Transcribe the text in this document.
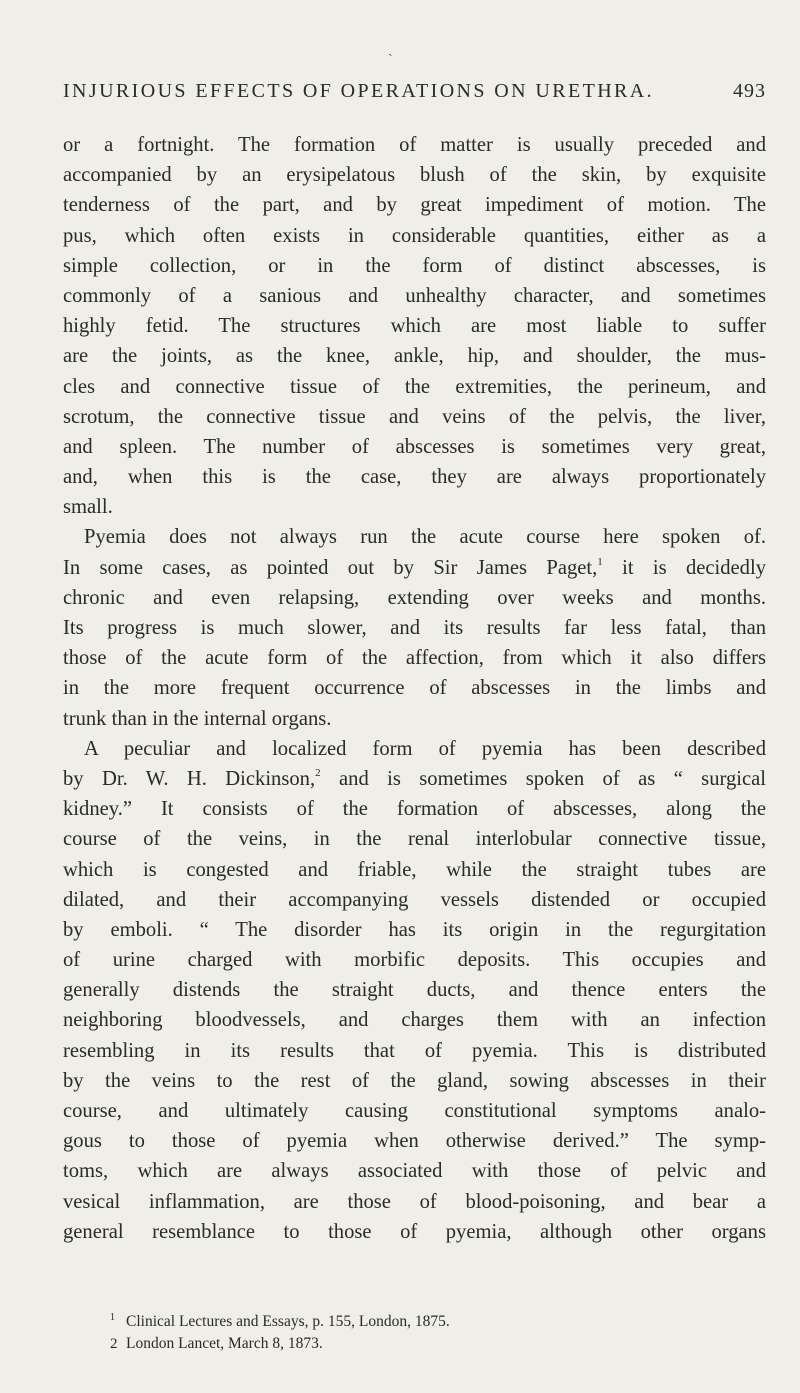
ˎ
INJURIOUS EFFECTS OF OPERATIONS ON URETHRA.	493
or a fortnight. The formation of matter is usually preceded and
accompanied by an erysipelatous blush of the skin, by exquisite
tenderness of the part, and by great impediment of motion. The
pus, which often exists in considerable quantities, either as a
simple collection, or in the form of distinct abscesses, is
commonly of a sanious and unhealthy character, and sometimes
highly fetid. The structures which are most liable to suffer
are the joints, as the knee, ankle, hip, and shoulder, the mus-
cles and connective tissue of the extremities, the perineum, and
scrotum, the connective tissue and veins of the pelvis, the liver,
and spleen. The number of abscesses is sometimes very great,
and, when this is the case, they are always proportionately
small.
Pyemia does not always run the acute course here spoken of.
In some cases, as pointed out by Sir James Paget,$^1$ it is decidedly
chronic and even relapsing, extending over weeks and months.
Its progress is much slower, and its results far less fatal, than
those of the acute form of the affection, from which it also differs
in the more frequent occurrence of abscesses in the limbs and
trunk than in the internal organs.
A peculiar and localized form of pyemia has been described
by Dr. W. H. Dickinson,$^2$ and is sometimes spoken of as “ surgical
kidney.” It consists of the formation of abscesses, along the
course of the veins, in the renal interlobular connective tissue,
which is congested and friable, while the straight tubes are
dilated, and their accompanying vessels distended or occupied
by emboli. “ The disorder has its origin in the regurgitation
of urine charged with morbific deposits. This occupies and
generally distends the straight ducts, and thence enters the
neighboring bloodvessels, and charges them with an infection
resembling in its results that of pyemia. This is distributed
by the veins to the rest of the gland, sowing abscesses in their
course, and ultimately causing constitutional symptoms analo-
gous to those of pyemia when otherwise derived.” The symp-
toms, which are always associated with those of pelvic and
vesical inflammation, are those of blood-poisoning, and bear a
general resemblance to those of pyemia, although other organs
1 Clinical Lectures and Essays, p. 155, London, 1875.
2 London Lancet, March 8, 1873.
